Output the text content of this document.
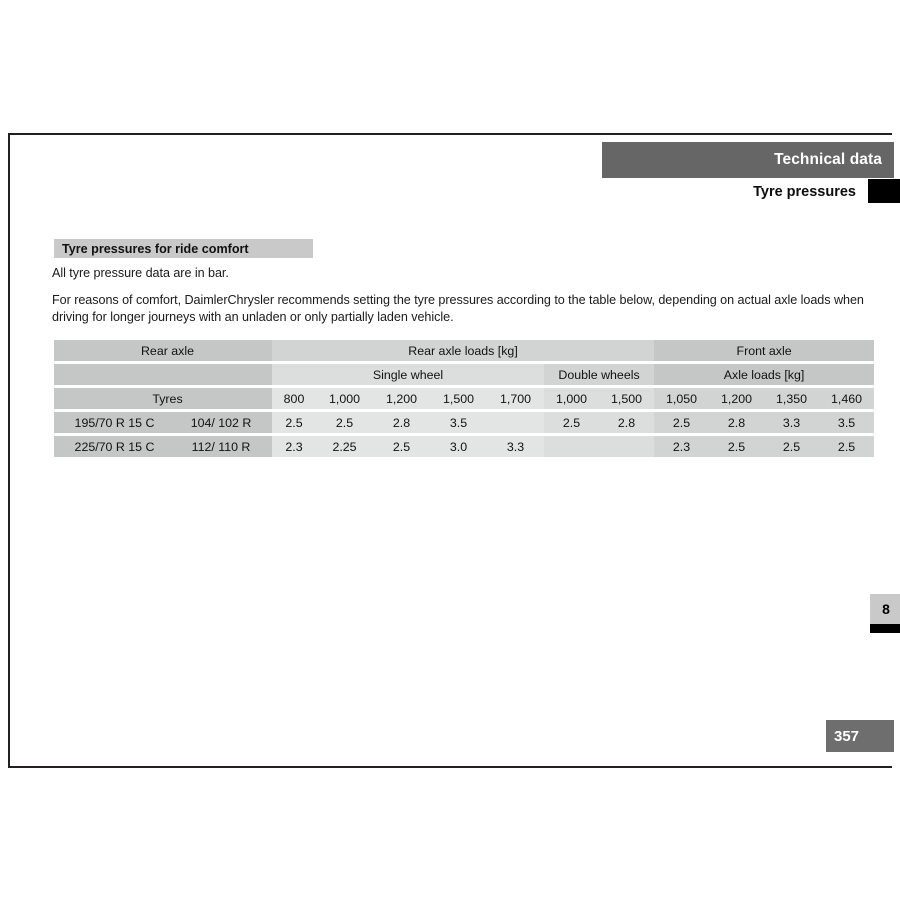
Technical data
Tyre pressures
Tyre pressures for ride comfort
All tyre pressure data are in bar.
For reasons of comfort, DaimlerChrysler recommends setting the tyre pressures according to the table below, depending on actual axle loads when driving for longer journeys with an unladen or only partially laden vehicle.
Rear axle		Rear axle loads [kg]							Front axle			

		Single wheel					Double wheels		Axle loads [kg]			

Tyres		800	1,000	1,200	1,500	1,700	1,000	1,500	1,050	1,200	1,350	1,460

195/70 R 15 C	104/ 102 R	2.5	2.5	2.8	3.5		2.5	2.8	2.5	2.8	3.3	3.5

225/70 R 15 C	112/ 110 R	2.3	2.25	2.5	3.0	3.3			2.3	2.5	2.5	2.5
8
357
